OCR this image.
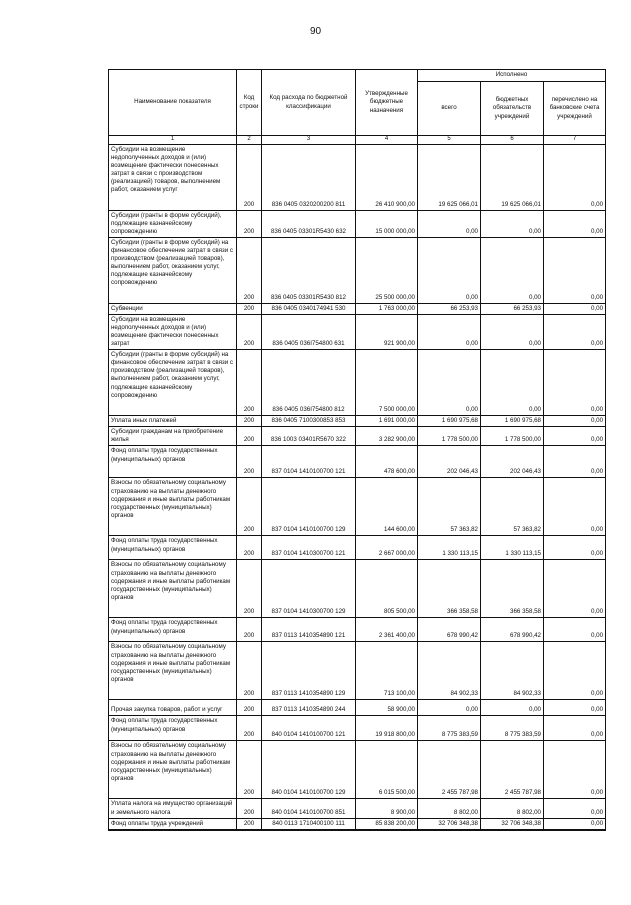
90
Наименование показателя	Код строки	Код расхода по бюджетной классификации	Утвержденные бюджетные назначения	Исполнено		
				всего	бюджетных обязательств учреждений	перечислено на банковские счета учреждений
1	2	3	4	5	6	7
Субсидии на возмещение недополученных доходов и (или) возмещение фактически понесенных затрат в связи с производством (реализацией) товаров, выполнением работ, оказанием услуг	200	836 0405 0320200200 811	26 410 900,00	19 625 066,01	19 625 066,01	0,00
Субсидии (гранты в форме субсидий), подлежащие казначейскому сопровождению	200	836 0405 03301R5430 632	15 000 000,00	0,00	0,00	0,00
Субсидии (гранты в форме субсидий) на финансовое обеспечение затрат в связи с производством (реализацией товаров), выполнением работ, оказанием услуг, подлежащие казначейскому сопровождению	200	836 0405 03301R5430 812	25 500 000,00	0,00	0,00	0,00
Субвенции	200	836 0405 0340174941 530	1 763 000,00	66 253,93	66 253,93	0,00
Субсидии на возмещение недополученных доходов и (или) возмещение фактически понесенных затрат	200	836 0405 036I754800 631	921 900,00	0,00	0,00	0,00
Субсидии (гранты в форме субсидий) на финансовое обеспечение затрат в связи с производством (реализацией товаров), выполнением работ, оказанием услуг, подлежащие казначейскому сопровождению	200	836 0405 036I754800 812	7 500 000,00	0,00	0,00	0,00
Уплата иных платежей	200	836 0405 7100300853 853	1 691 000,00	1 690 975,68	1 690 975,68	0,00
Субсидии гражданам на приобретение жилья	200	836 1003 03401R5670 322	3 282 900,00	1 778 500,00	1 778 500,00	0,00
Фонд оплаты труда государственных (муниципальных) органов	200	837 0104 1410100700 121	478 600,00	202 046,43	202 046,43	0,00
Взносы по обязательному социальному страхованию на выплаты денежного содержания и иные выплаты работникам государственных (муниципальных) органов	200	837 0104 1410100700 129	144 600,00	57 363,82	57 363,82	0,00
Фонд оплаты труда государственных (муниципальных) органов	200	837 0104 1410300700 121	2 667 000,00	1 330 113,15	1 330 113,15	0,00
Взносы по обязательному социальному страхованию на выплаты денежного содержания и иные выплаты работникам государственных (муниципальных) органов	200	837 0104 1410300700 129	805 500,00	366 358,58	366 358,58	0,00
Фонд оплаты труда государственных (муниципальных) органов	200	837 0113 1410354890 121	2 361 400,00	678 990,42	678 990,42	0,00
Взносы по обязательному социальному страхованию на выплаты денежного содержания и иные выплаты работникам государственных (муниципальных) органов	200	837 0113 1410354890 129	713 100,00	84 902,33	84 902,33	0,00
Прочая закупка товаров, работ и услуг	200	837 0113 1410354890 244	58 900,00	0,00	0,00	0,00
Фонд оплаты труда государственных (муниципальных) органов	200	840 0104 1410100700 121	19 918 800,00	8 775 383,59	8 775 383,59	0,00
Взносы по обязательному социальному страхованию на выплаты денежного содержания и иные выплаты работникам государственных (муниципальных) органов	200	840 0104 1410100700 129	6 015 500,00	2 455 787,98	2 455 787,98	0,00
Уплата налога на имущество организаций и земельного налога	200	840 0104 1410100700 851	8 900,00	8 802,00	8 802,00	0,00
Фонд оплаты труда учреждений	200	840 0113 1710400100 111	85 838 200,00	32 706 348,38	32 706 348,38	0,00
